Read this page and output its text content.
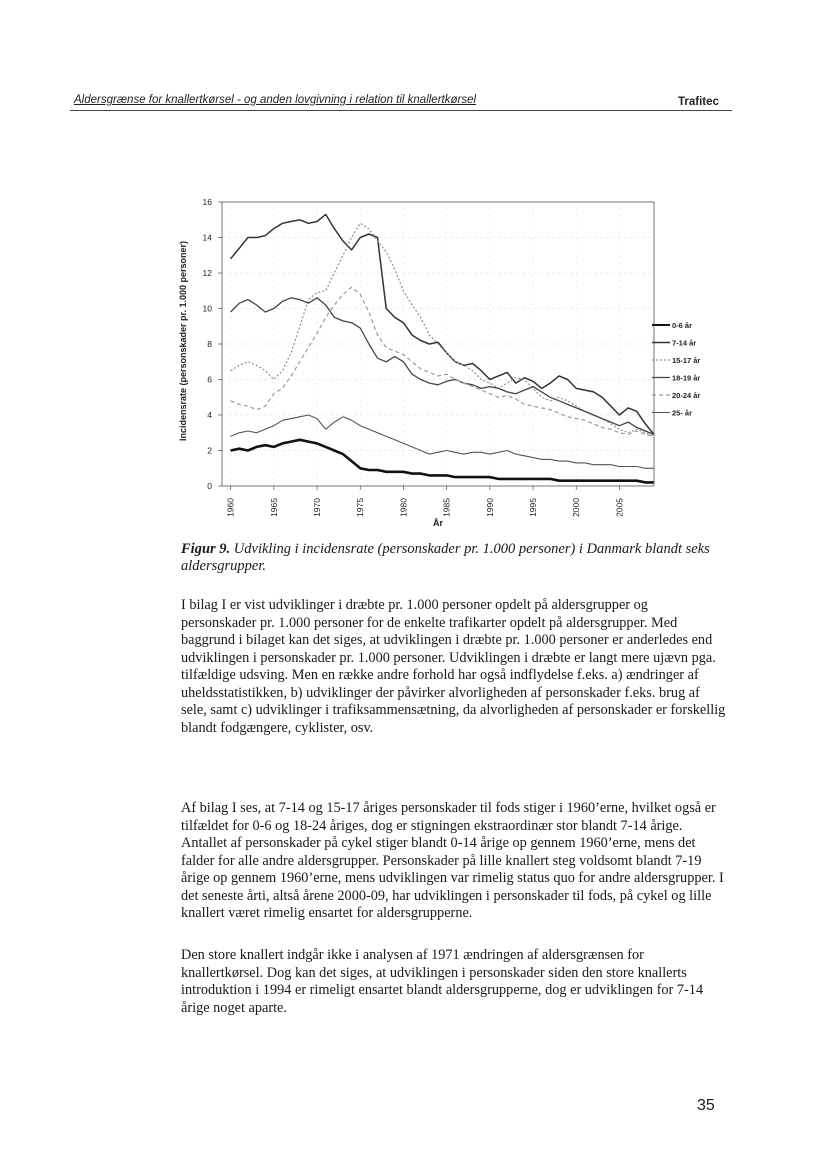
Aldersgrænse for knallertkørsel - og anden lovgivning i relation til knallertkørsel	Trafitec
0
2
4
6
8
10
12
14
16
1960	1965	1970	1975	1980	1985	1990	1995	2000	2005
0-6 år
7-14 år
15-17 år
18-19 år
20-24 år
25- år
Incidensrate (personskader pr. 1.000 personer)
År
Figur 9. Udvikling i incidensrate (personskader pr. 1.000 personer) i Danmark blandt seks aldersgrupper.

I bilag I er vist udviklinger i dræbte pr. 1.000 personer opdelt på aldersgrupper og personskader pr. 1.000 personer for de enkelte trafikarter opdelt på aldersgrupper. Med baggrund i bilaget kan det siges, at udviklingen i dræbte pr. 1.000 personer er anderledes end udviklingen i personskader pr. 1.000 personer. Udviklingen i dræbte er langt mere ujævn pga. tilfældige udsving. Men en række andre forhold har også indflydelse f.eks. a) ændringer af uheldsstatistikken, b) udviklinger der påvirker alvorligheden af personskader f.eks. brug af sele, samt c) udviklinger i trafiksammensætning, da alvorligheden af personskader er forskellig blandt fodgængere, cyklister, osv.

Af bilag I ses, at 7-14 og 15-17 åriges personskader til fods stiger i 1960’erne, hvilket også er tilfældet for 0-6 og 18-24 åriges, dog er stigningen ekstraordinær stor blandt 7-14 årige. Antallet af personskader på cykel stiger blandt 0-14 årige op gennem 1960’erne, mens det falder for alle andre aldersgrupper. Personskader på lille knallert steg voldsomt blandt 7-19 årige op gennem 1960’erne, mens udviklingen var rimelig status quo for andre aldersgrupper. I det seneste årti, altså årene 2000-09, har udviklingen i personskader til fods, på cykel og lille knallert været rimelig ensartet for aldersgrupperne.

Den store knallert indgår ikke i analysen af 1971 ændringen af aldersgrænsen for knallertkørsel. Dog kan det siges, at udviklingen i personskader siden den store knallerts introduktion i 1994 er rimeligt ensartet blandt aldersgrupperne, dog er udviklingen for 7-14 årige noget aparte.

35
